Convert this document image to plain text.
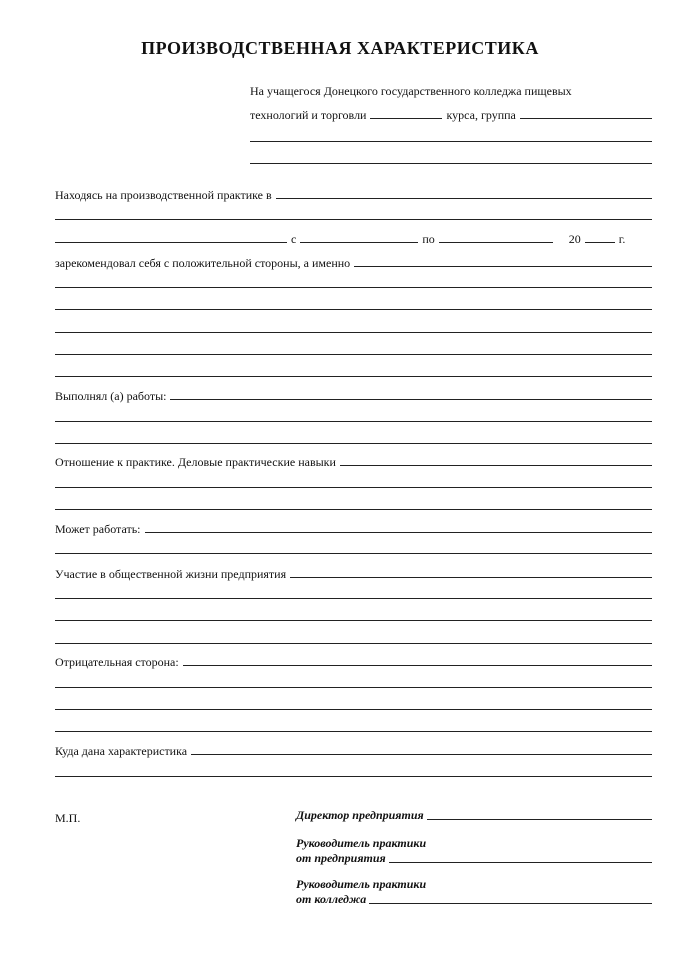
ПРОИЗВОДСТВЕННАЯ ХАРАКТЕРИСТИКА
На учащегося Донецкого государственного колледжа пищевых
технологий и торговли	курса, группа
Находясь на производственной практике в
с	по	20	г.
зарекомендовал себя с положительной стороны, а именно
Выполнял (а) работы:
Отношение к практике. Деловые практические навыки
Может работать:
Участие в общественной жизни предприятия
Отрицательная сторона:
Куда дана характеристика
М.П.	Директор предприятия
Руководитель практики
от предприятия
Руководитель практики
от колледжа
